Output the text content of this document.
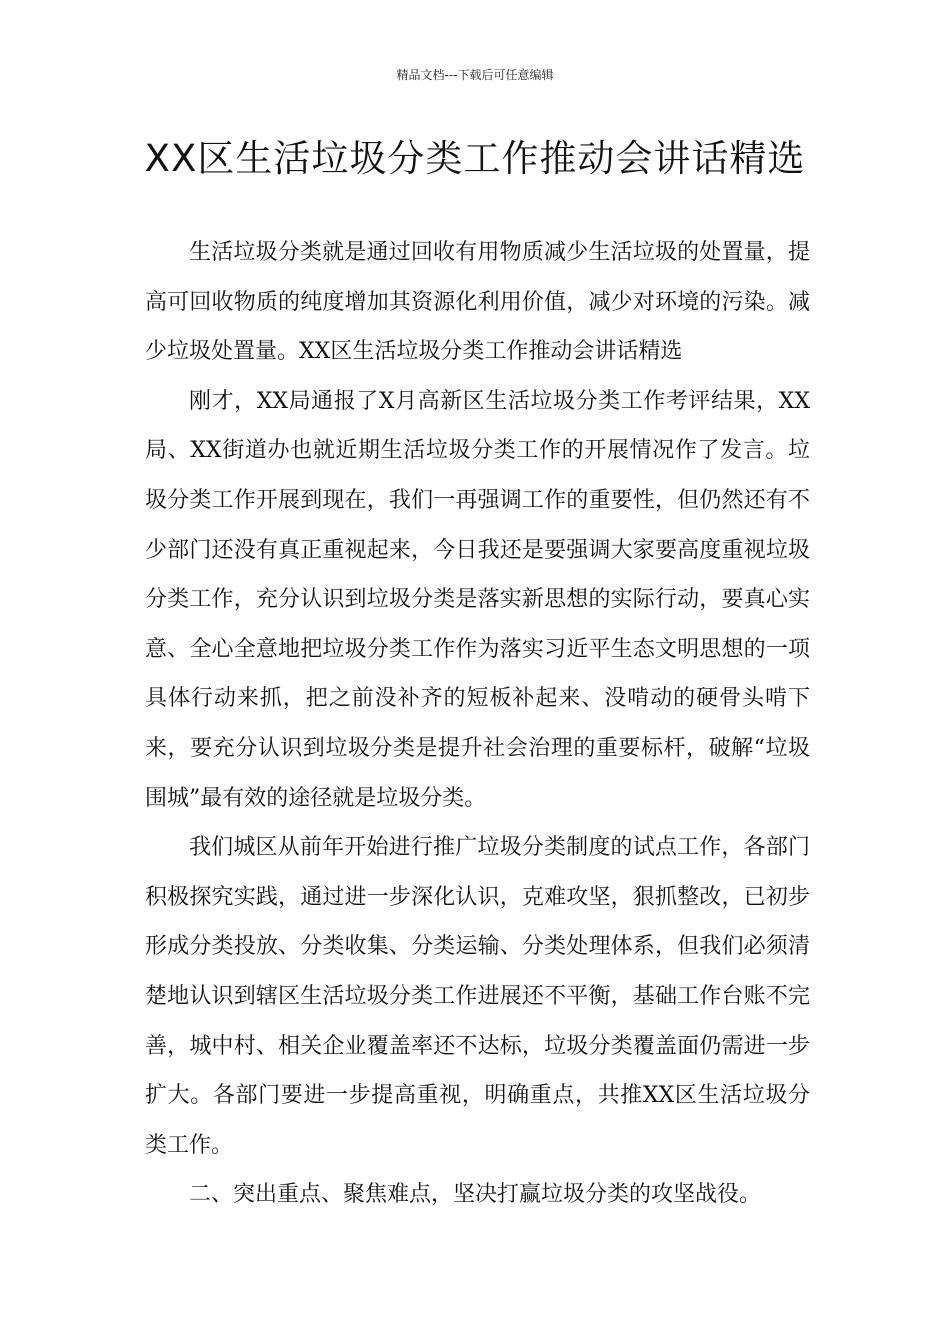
精品文档---下载后可任意编辑
XX区生活垃圾分类工作推动会讲话精选

生活垃圾分类就是通过回收有用物质减少生活垃圾的处置量，提高可回收物质的纯度增加其资源化利用价值，减少对环境的污染。减少垃圾处置量。XX区生活垃圾分类工作推动会讲话精选

刚才，XX局通报了X月高新区生活垃圾分类工作考评结果，XX局、XX街道办也就近期生活垃圾分类工作的开展情况作了发言。垃圾分类工作开展到现在，我们一再强调工作的重要性，但仍然还有不少部门还没有真正重视起来，今日我还是要强调大家要高度重视垃圾分类工作，充分认识到垃圾分类是落实新思想的实际行动，要真心实意、全心全意地把垃圾分类工作作为落实习近平生态文明思想的一项具体行动来抓，把之前没补齐的短板补起来、没啃动的硬骨头啃下来，要充分认识到垃圾分类是提升社会治理的重要标杆，破解“垃圾围城”最有效的途径就是垃圾分类。

我们城区从前年开始进行推广垃圾分类制度的试点工作，各部门积极探究实践，通过进一步深化认识，克难攻坚，狠抓整改，已初步形成分类投放、分类收集、分类运输、分类处理体系，但我们必须清楚地认识到辖区生活垃圾分类工作进展还不平衡，基础工作台账不完善，城中村、相关企业覆盖率还不达标，垃圾分类覆盖面仍需进一步扩大。各部门要进一步提高重视，明确重点，共推XX区生活垃圾分类工作。

二、突出重点、聚焦难点，坚决打赢垃圾分类的攻坚战役。
